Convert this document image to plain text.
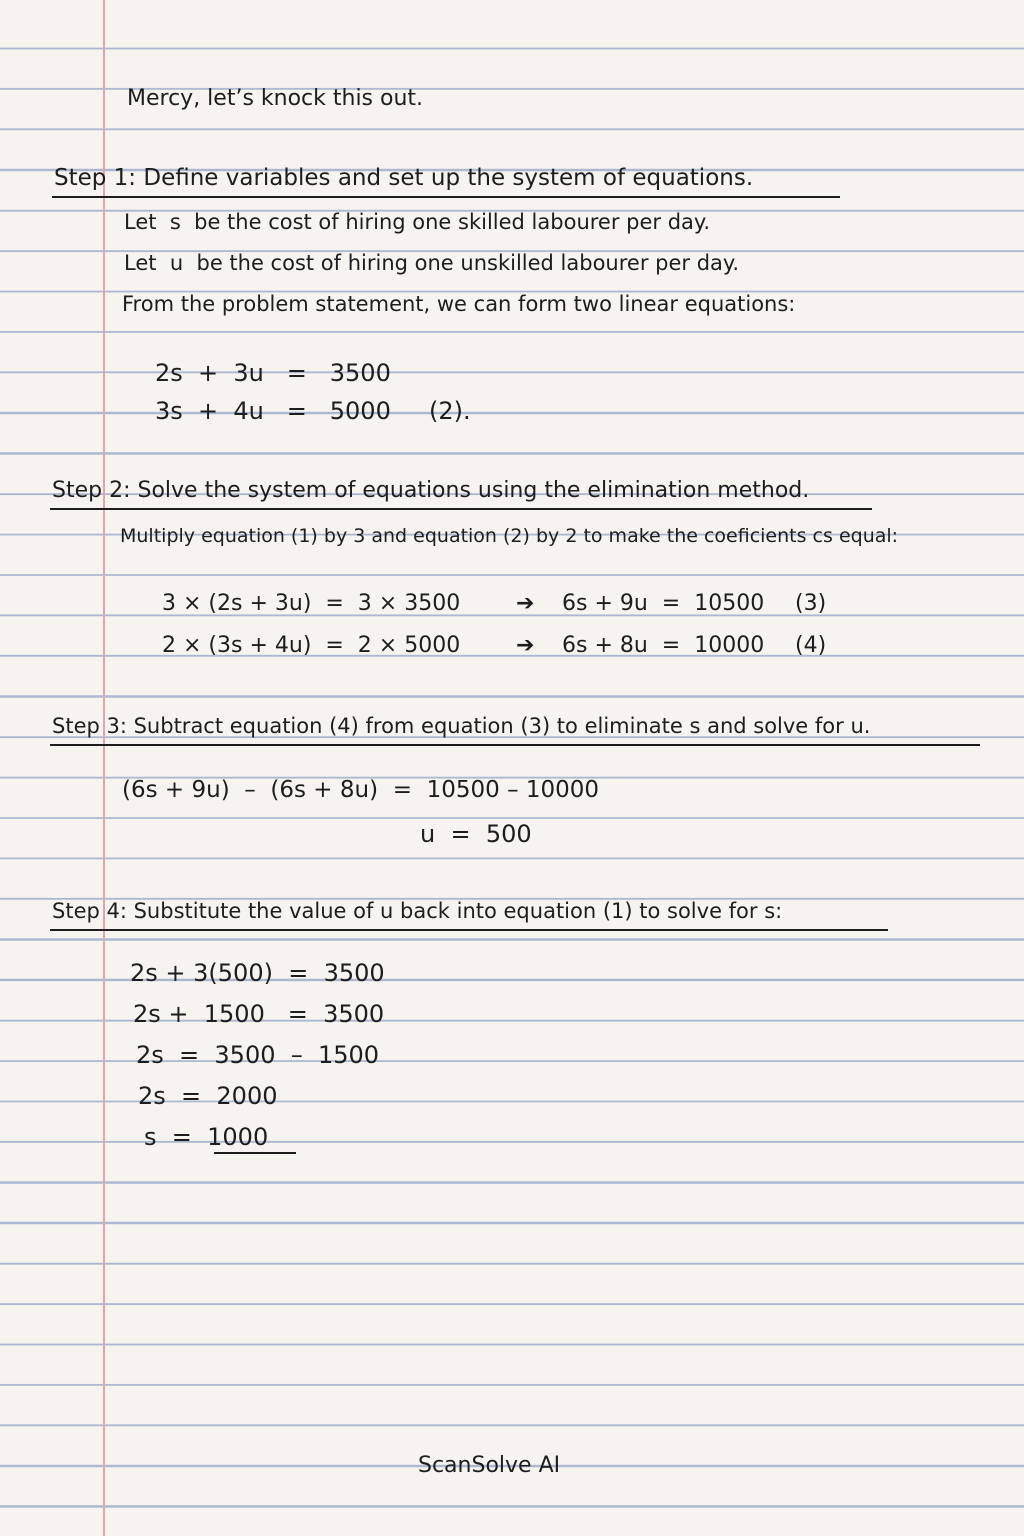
Mercy, let’s knock this out.
Step 1: Define variables and set up the system of equations.
Let  s  be the cost of hiring one skilled labourer per day.
Let  u  be the cost of hiring one unskilled labourer per day.
From the problem statement, we can form two linear equations:
2s  +  3u   =   3500
3s  +  4u   =   5000     (2).
Step 2: Solve the system of equations using the elimination method.
Multiply equation (1) by 3 and equation (2) by 2 to make the coeficients cs equal:
3 × (2s + 3u)  =  3 × 3500	➔ 6s + 9u  =  10500 (3)
2 × (3s + 4u)  =  2 × 5000	➔ 6s + 8u  =  10000 (4)
Step 3: Subtract equation (4) from equation (3) to eliminate s and solve for u.
(6s + 9u)  –  (6s + 8u)  =  10500 – 10000
u  =  500
Step 4: Substitute the value of u back into equation (1) to solve for s:
2s + 3(500)  =  3500
2s +  1500   =  3500
2s  =  3500  –  1500
2s  =  2000
s  =  1000
ScanSolve AI
